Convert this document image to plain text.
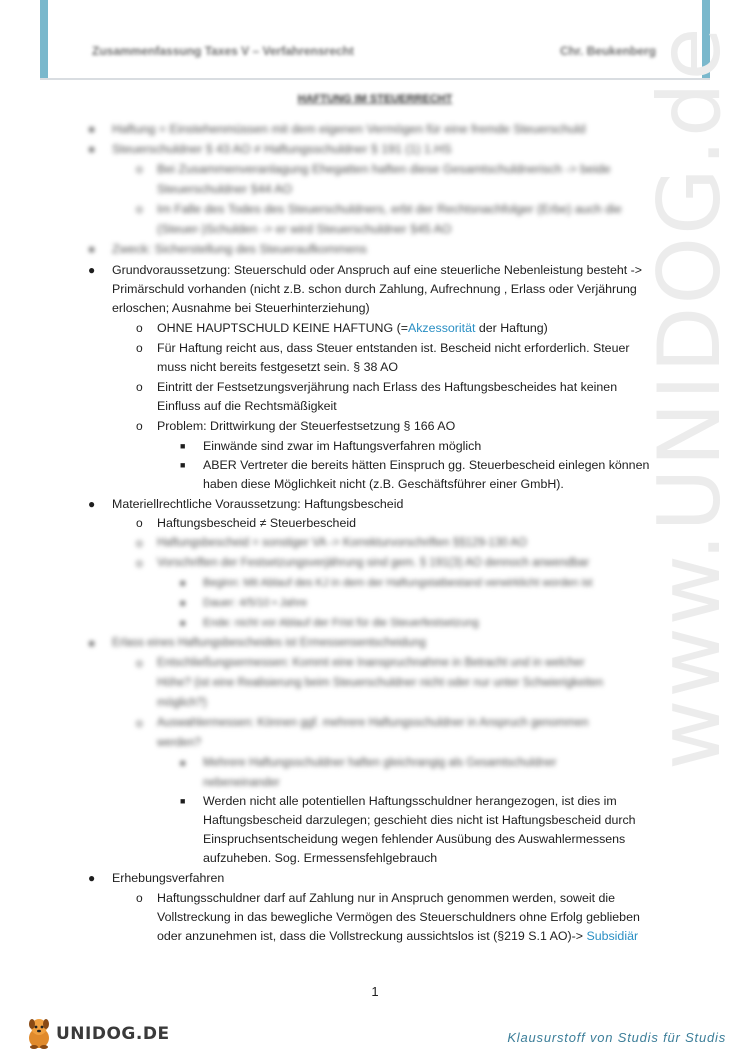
Zusammenfassung Taxes V – Verfahrensrecht	Chr. Beukenberg
www.UNIDOG.de
HAFTUNG IM STEUERRECHT
● Haftung = Einstehenmüssen mit dem eigenen Vermögen für eine fremde Steuerschuld
● Steuerschuldner § 43 AO ≠ Haftungsschuldner § 191 (1) 1.HS
o Bei Zusammenveranlagung Ehegatten haften diese Gesamtschuldnerisch -> beide
Steuerschuldner §44 AO
o Im Falle des Todes des Steuerschuldners, erbt der Rechtsnachfolger (Erbe) auch die
(Steuer-)Schulden -> er wird Steuerschuldner §45 AO
● Zweck: Sicherstellung des Steueraufkommens
● Grundvoraussetzung: Steuerschuld oder Anspruch auf eine steuerliche Nebenleistung besteht ->
Primärschuld vorhanden (nicht z.B. schon durch Zahlung, Aufrechnung , Erlass oder Verjährung
erloschen; Ausnahme bei Steuerhinterziehung)
o OHNE HAUPTSCHULD KEINE HAFTUNG (=Akzessorität der Haftung)
o Für Haftung reicht aus, dass Steuer entstanden ist. Bescheid nicht erforderlich. Steuer
muss nicht bereits festgesetzt sein. § 38 AO
o Eintritt der Festsetzungsverjährung nach Erlass des Haftungsbescheides hat keinen
Einfluss auf die Rechtsmäßigkeit
o Problem: Drittwirkung der Steuerfestsetzung § 166 AO
■ Einwände sind zwar im Haftungsverfahren möglich
■ ABER Vertreter die bereits hätten Einspruch gg. Steuerbescheid einlegen können
haben diese Möglichkeit nicht (z.B. Geschäftsführer einer GmbH).
● Materiellrechtliche Voraussetzung: Haftungsbescheid
o Haftungsbescheid ≠ Steuerbescheid
o Haftungsbescheid = sonstiger VA -> Korrekturvorschriften §§129-130 AO
o Vorschriften der Festsetzungsverjährung sind gem. § 191(3) AO dennoch anwendbar
■ Beginn: Mit Ablauf des KJ in dem der Haftungstatbestand verwirklicht worden ist
■ Dauer: 4/5/10 • Jahre
■ Ende: nicht vor Ablauf der Frist für die Steuerfestsetzung
● Erlass eines Haftungsbescheides ist Ermessensentscheidung
o Entschließungsermessen: Kommt eine Inanspruchnahme in Betracht und in welcher
Höhe? (ist eine Realisierung beim Steuerschuldner nicht oder nur unter Schwierigkeiten
möglich?)
o Auswahlermessen: Können ggf. mehrere Haftungsschuldner in Anspruch genommen
werden?
■ Mehrere Haftungsschuldner haften gleichrangig als Gesamtschuldner
nebeneinander
■ Werden nicht alle potentiellen Haftungsschuldner herangezogen, ist dies im
Haftungsbescheid darzulegen; geschieht dies nicht ist Haftungsbescheid durch
Einspruchsentscheidung wegen fehlender Ausübung des Auswahlermessens
aufzuheben. Sog. Ermessensfehlgebrauch
● Erhebungsverfahren
o Haftungsschuldner darf auf Zahlung nur in Anspruch genommen werden, soweit die
Vollstreckung in das bewegliche Vermögen des Steuerschuldners ohne Erfolg geblieben
oder anzunehmen ist, dass die Vollstreckung aussichtslos ist (§219 S.1 AO)-> Subsidiär
1
UNIDOG.DE	Klausurstoff von Studis für Studis
